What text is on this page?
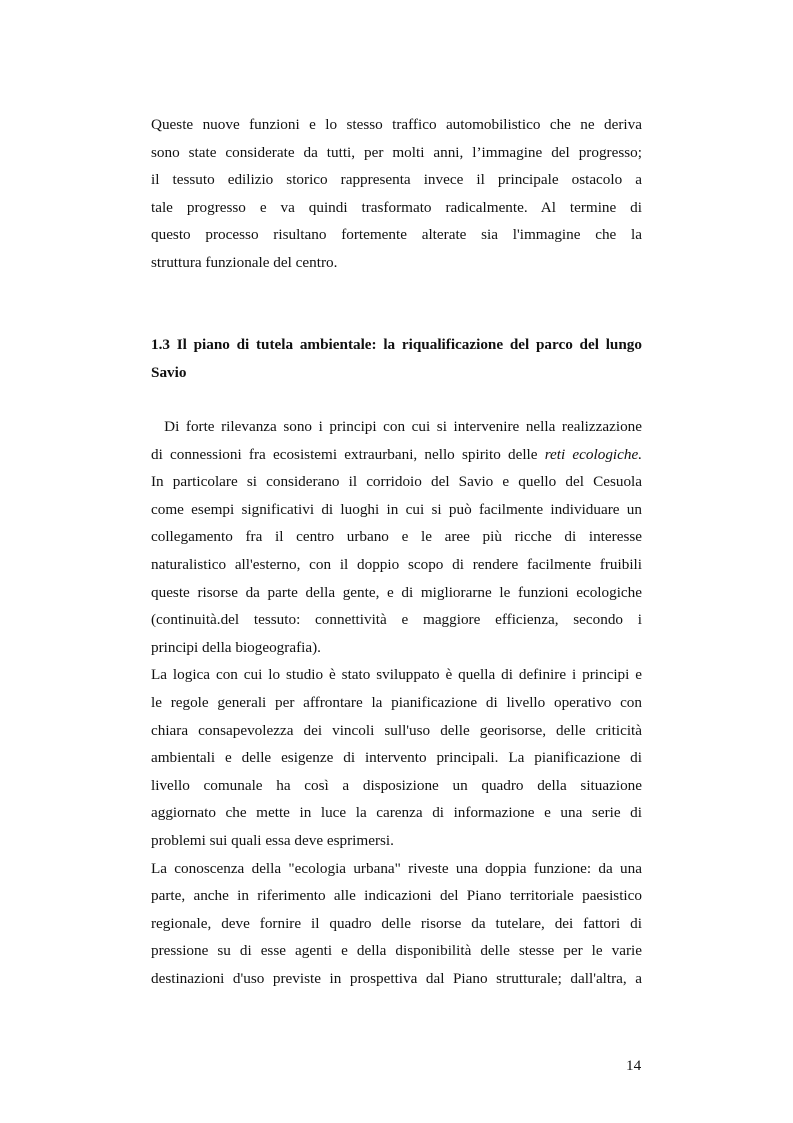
Queste nuove funzioni e lo stesso traffico automobilistico che ne deriva
sono state considerate da tutti, per molti anni, l’immagine del progresso;
il tessuto edilizio storico rappresenta invece il principale ostacolo a
tale progresso e va quindi trasformato radicalmente. Al termine di
questo processo risultano fortemente alterate sia l'immagine che la
struttura funzionale del centro.
1.3 Il piano di tutela ambientale: la riqualificazione del parco del lungo
Savio
Di forte rilevanza sono i principi con cui si intervenire nella realizzazione
di connessioni fra ecosistemi extraurbani, nello spirito delle reti ecologiche.
In particolare si considerano il corridoio del Savio e quello del Cesuola
come esempi significativi di luoghi in cui si può facilmente individuare un
collegamento fra il centro urbano e le aree più ricche di interesse
naturalistico all'esterno, con il doppio scopo di rendere facilmente fruibili
queste risorse da parte della gente, e di migliorarne le funzioni ecologiche
(continuità.del tessuto: connettività e maggiore efficienza, secondo i
principi della biogeografia).
La logica con cui lo studio è stato sviluppato è quella di definire i principi e
le regole generali per affrontare la pianificazione di livello operativo con
chiara consapevolezza dei vincoli sull'uso delle georisorse, delle criticità
ambientali e delle esigenze di intervento principali. La pianificazione di
livello comunale ha così a disposizione un quadro della situazione
aggiornato che mette in luce la carenza di informazione e una serie di
problemi sui quali essa deve esprimersi.
La conoscenza della "ecologia urbana" riveste una doppia funzione: da una
parte, anche in riferimento alle indicazioni del Piano territoriale paesistico
regionale, deve fornire il quadro delle risorse da tutelare, dei fattori di
pressione su di esse agenti e della disponibilità delle stesse per le varie
destinazioni d'uso previste in prospettiva dal Piano strutturale; dall'altra, a
14
